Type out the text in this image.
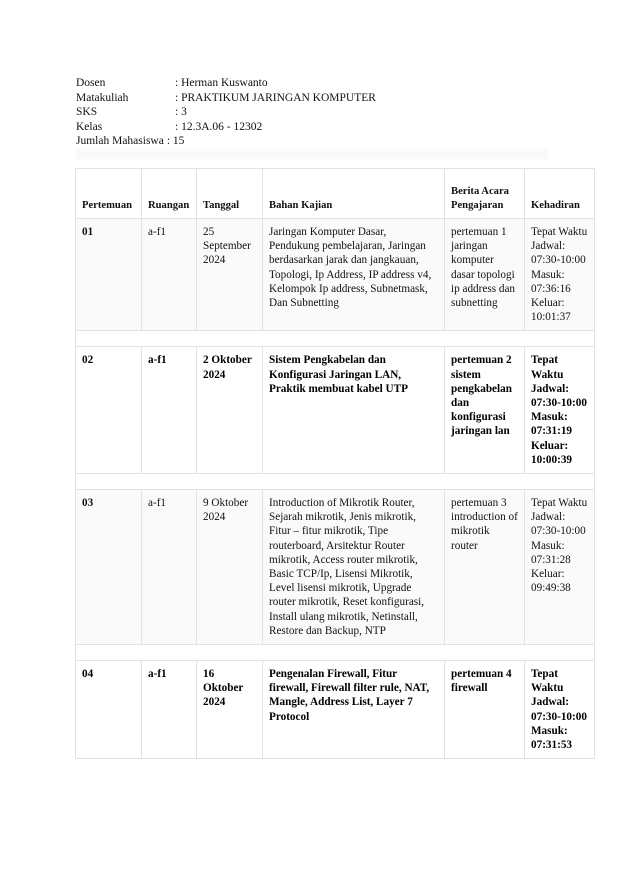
Dosen	: Herman Kuswanto
Matakuliah	: PRAKTIKUM JARINGAN KOMPUTER
SKS	: 3
Kelas	: 12.3A.06 - 12302
Jumlah Mahasiswa : 15
Pertemuan	Ruangan	Tanggal	Bahan Kajian	Berita Acara Pengajaran	Kehadiran
01	a-f1	25 September 2024	Jaringan Komputer Dasar, Pendukung pembelajaran, Jaringan berdasarkan jarak dan jangkauan, Topologi, Ip Address, IP address v4, Kelompok Ip address, Subnetmask, Dan Subnetting	pertemuan 1 jaringan komputer dasar topologi ip address dan subnetting	Tepat Waktu Jadwal: 07:30-10:00 Masuk: 07:36:16 Keluar: 10:01:37

02	a-f1	2 Oktober 2024	Sistem Pengkabelan dan Konfigurasi Jaringan LAN, Praktik membuat kabel UTP	pertemuan 2 sistem pengkabelan dan konfigurasi jaringan lan	Tepat Waktu Jadwal: 07:30-10:00 Masuk: 07:31:19 Keluar: 10:00:39

03	a-f1	9 Oktober 2024	Introduction of Mikrotik Router, Sejarah mikrotik, Jenis mikrotik, Fitur – fitur mikrotik, Tipe routerboard, Arsitektur Router mikrotik, Access router mikrotik, Basic TCP/Ip, Lisensi Mikrotik, Level lisensi mikrotik, Upgrade router mikrotik, Reset konfigurasi, Install ulang mikrotik, Netinstall, Restore dan Backup, NTP	pertemuan 3 introduction of mikrotik router	Tepat Waktu Jadwal: 07:30-10:00 Masuk: 07:31:28 Keluar: 09:49:38

04	a-f1	16 Oktober 2024	Pengenalan Firewall, Fitur firewall, Firewall filter rule, NAT, Mangle, Address List, Layer 7 Protocol	pertemuan 4 firewall	Tepat Waktu Jadwal: 07:30-10:00 Masuk: 07:31:53
